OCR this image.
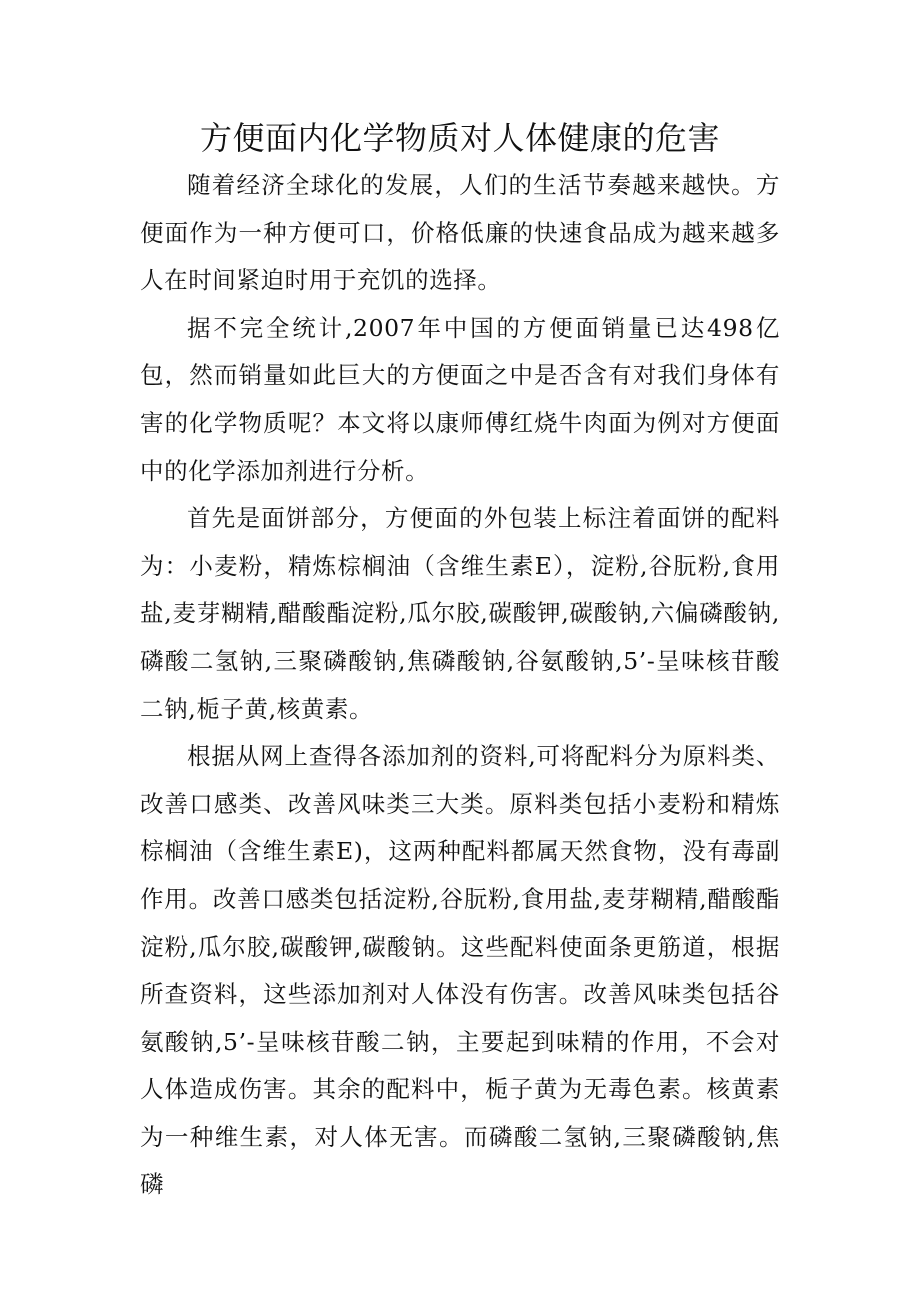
方便面内化学物质对人体健康的危害

随着经济全球化的发展，人们的生活节奏越来越快。方便面作为一种方便可口，价格低廉的快速食品成为越来越多人在时间紧迫时用于充饥的选择。

据不完全统计,2007年中国的方便面销量已达498亿包，然而销量如此巨大的方便面之中是否含有对我们身体有害的化学物质呢？本文将以康师傅红烧牛肉面为例对方便面中的化学添加剂进行分析。

首先是面饼部分，方便面的外包装上标注着面饼的配料为：小麦粉，精炼棕榈油（含维生素E），淀粉,谷朊粉,食用盐,麦芽糊精,醋酸酯淀粉,瓜尔胶,碳酸钾,碳酸钠,六偏磷酸钠,磷酸二氢钠,三聚磷酸钠,焦磷酸钠,谷氨酸钠,5’-呈味核苷酸二钠,栀子黄,核黄素。

根据从网上查得各添加剂的资料,可将配料分为原料类、改善口感类、改善风味类三大类。原料类包括小麦粉和精炼棕榈油（含维生素E)，这两种配料都属天然食物，没有毒副作用。改善口感类包括淀粉,谷朊粉,食用盐,麦芽糊精,醋酸酯淀粉,瓜尔胶,碳酸钾,碳酸钠。这些配料使面条更筋道，根据所查资料，这些添加剂对人体没有伤害。改善风味类包括谷氨酸钠,5’-呈味核苷酸二钠，主要起到味精的作用，不会对人体造成伤害。其余的配料中，栀子黄为无毒色素。核黄素为一种维生素，对人体无害。而磷酸二氢钠,三聚磷酸钠,焦磷
